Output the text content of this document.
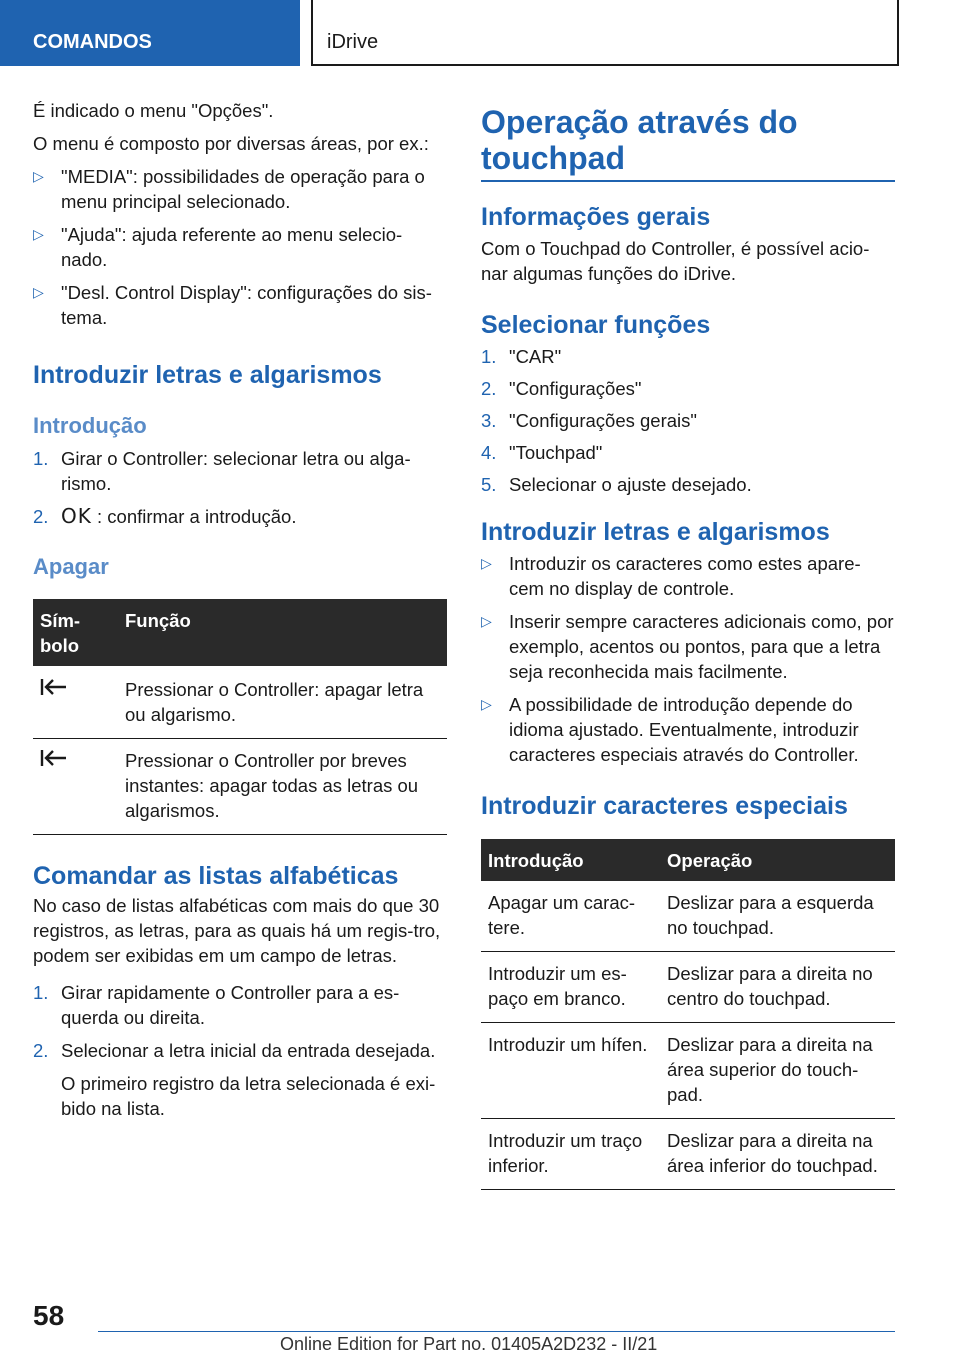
COMANDOS	iDrive

É indicado o menu "Opções".

O menu é composto por diversas áreas, por ex.:

▷ "MEDIA": possibilidades de operação para o menu principal selecionado.
▷ "Ajuda": ajuda referente ao menu selecio-nado.
▷ "Desl. Control Display": configurações do sis-tema.
Introduzir letras e algarismos
Introdução
1. Girar o Controller: selecionar letra ou alga-rismo.
2. OK : confirmar a introdução.
Apagar
Sím-bolo	Função
	Pressionar o Controller: apagar letra ou algarismo.
	Pressionar o Controller por breves instantes: apagar todas as letras ou algarismos.
Comandar as listas alfabéticas

No caso de listas alfabéticas com mais do que 30 registros, as letras, para as quais há um regis-tro, podem ser exibidas em um campo de letras.

1. Girar rapidamente o Controller para a es-querda ou direita.
2. Selecionar a letra inicial da entrada desejada.

O primeiro registro da letra selecionada é exi-bido na lista.

Operação através do touchpad
Informações gerais

Com o Touchpad do Controller, é possível acio-nar algumas funções do iDrive.

Selecionar funções
1. "CAR"
2. "Configurações"
3. "Configurações gerais"
4. "Touchpad"
5. Selecionar o ajuste desejado.
Introduzir letras e algarismos
▷ Introduzir os caracteres como estes apare-cem no display de controle.
▷ Inserir sempre caracteres adicionais como, por exemplo, acentos ou pontos, para que a letra seja reconhecida mais facilmente.
▷ A possibilidade de introdução depende do idioma ajustado. Eventualmente, introduzir caracteres especiais através do Controller.
Introduzir caracteres especiais
Introdução	Operação
Apagar um carac-tere.	Deslizar para a esquerda no touchpad.
Introduzir um es-paço em branco.	Deslizar para a direita no centro do touchpad.
Introduzir um hífen.	Deslizar para a direita na área superior do touch-pad.
Introduzir um traço inferior.	Deslizar para a direita na área inferior do touchpad.
58
Online Edition for Part no. 01405A2D232 - II/21
